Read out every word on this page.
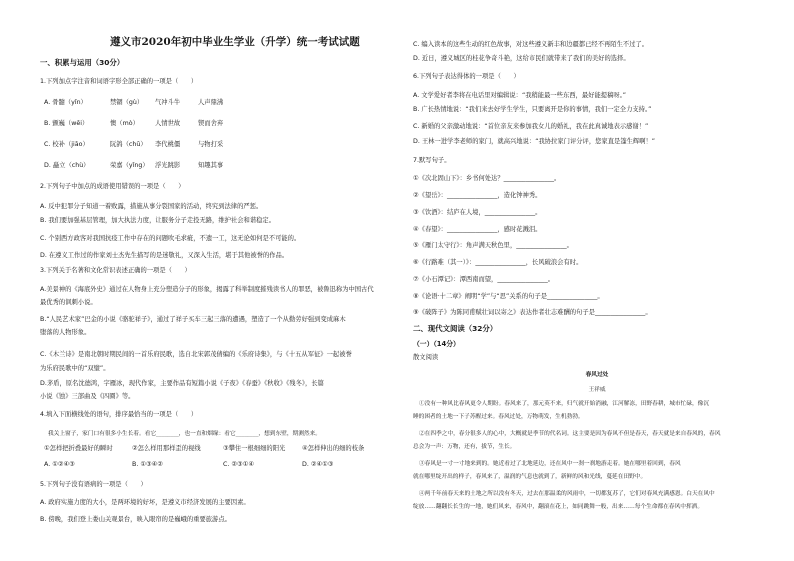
遵义市2020年初中毕业生学业（升学）统一考试试题
一、积累与运用（30分）
1.下列加点字注音和词语字形全部正确的一项是（　　）
A. 骨髓（yǐn）	禁锢（gù） 气冲斗牛	人声鼎沸
B. 颤巍（wēi）	懊（mò）	人情世故	锲而舍弃
C. 校补（jiāo）	阮鸽（chū） 李代桃僵	与物打采
D. 矗立（chù）	荣嘉（yǐng） 浮光跳影	知趣其事
2.下列句子中加点的成语使用错误的一项是（　　）
A. 反中犯罪分子知道一着败露，措施从事分裂国家的活动，终究到法律的严惩。
B. 我们要加强基层管理，加大执法力度，让服务分子走投无路，维护社会和谐稳定。
C. 个别西方政客对我国抗疫工作中存在的问题吹毛求疵，不遗一工，这无论如何是不可能的。
D. 在遵义工作过的作家刘士杰先生描写的是迷敬礼，又深入生活，堪于其他被誉的作品。
3.下列关于名著和文化常识表述正确的一项是（　　）
A.美景神的《海底外史》通过在人物身上充分塑造分子的形象，揭露了科举制度摧残读书人的罪恶，被鲁迅称为中国古代
最优秀的讽刺小说。
B.“人民艺术家”巴金的小说《骆驼祥子》，通过了祥子买车三起三落的遭遇，塑造了一个从勤劳好强到变成麻木
堕落的人物形象。
C.《木兰诗》是南北朝时期民间的一首乐府民歌，选自北宋郭茂倩编的《乐府诗集》，与《十五从军征》一起被誉
为乐府民歌中的“双璧”。
D.茅盾，原名沈德鸿，字雁冰，现代作家，主要作品有短篇小说《子夜》《春蚕》《秋收》《残冬》，长篇
小说《蚀》三部曲及《四圈》等。
4.填入下面横线处的语句，排序最恰当的一项是（　　）
我关上窗子，家门口有很多小生长着。看它________，也一直和烟缘：看它________，想到东壁，期测然来。
①怎样把折叠最好的瞬时	②怎么样用那样歪的视线	③攀住一根细细的阳光	④怎样伸出的细的枝条
A. ①②④③	B. ①③④②	C. ②③①④	D. ②④①③
5.下列句子没有语病的一项是（　　）
A. 政府实施力度的大小，是两环境的好坏，是遵义市经济发展的主要因素。
B. 傍晚，我们登上娄山关观景台，映入眼帘的是巍峨的重要旅游点。
C. 编入读本的这些生动的红色故事，对这些遵义新丰和边疆都已经不再陌生不过了。
D. 近日，遵义城区的桂花争奇斗艳，这给市民们就带来了我们的美好的选择。
6.下列句子表达得体的一项是（　　）
A. 文学爱好者李将在电话里对编辑说：“我稍能最一些东西，最好能提稿呀。”
B. 广长热情地说：“我们来去好学生学生，只要离开是你的事情，我们一定全力支持。”
C. 新婚的父亲激动地说：“首位亲友来参加我女儿的婚礼，我在此真诚地表示感谢！”
D. 王林一进学李老师的家门，就高兴地说：“我协拉家门评分评，您家直是篷生辉啊！”
7.默写句子。
①《次北固山下》：乡书何处达？________________。
②《望岳》：________________，造化钟神秀。
③《饮酒》：结庐在人境，________________。
④《春望》：________________，感时花溅泪。
⑤《雁门太守行》：角声满天秋色里，________________。
⑥《行路难（其一）》：________________，长风破浪会有时。
⑦《小石潭记》：潭西南而望，________________。
⑧《论语·十二章》阐明“学”与“思”关系的句子是________________。
⑨《破阵子》为陈同甫赋壮词以寄之》表达作者壮志难酬的句子是________________。
二、现代文阅读（32分）
（一）（14分）
散文阅读
春风过处
王祥威
①没有一种风比春风更令人期盼。春风来了，那元英不来，归气就开始消融，江河解冻，田野春耕，城市忙碌，像沉
睡的困者的土地一下子苏醒过来。春风过处，万物萌发，生机勃勃。
②在四季之中，春分很多人的心中，大概就是季节的代名词。这主要是因为春风不但是春天，春天就是来自春风的，春风
总会为一声：万物，还有，拔节，生长。
③春风是一寸一寸地来到的。她近看过了北地延边，还在风中一刹一刹地游走着。她在哪里着回到，春风
就在哪里绽开出的样子，春风来了，温润的气息也就到了，新鲜的风和光线，蔓延在田野中。
④两千年前春天来的土地之所以没有冬天，过去在那温柔的风雨中，一切都复苏了，它们对春风充满感恩。白天在风中
绽放……翻翻长长生的一地，她们风来，春风中，翻滚在花上，如同跳舞一般，出来……每个生命都在春风中挥洒。
